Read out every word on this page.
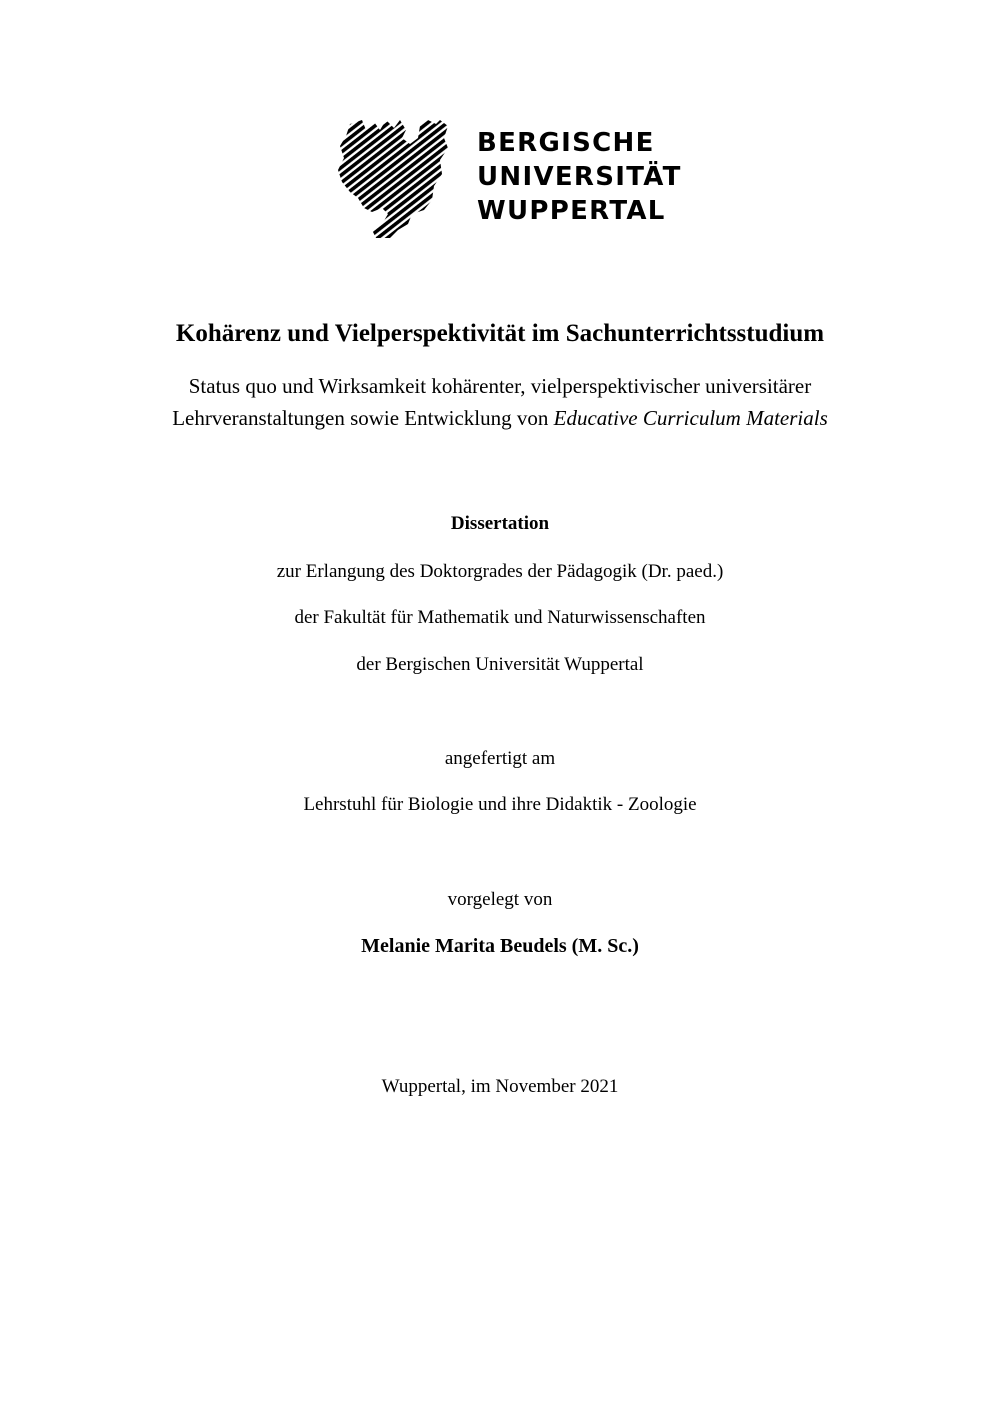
BERGISCHE
UNIVERSITÄT
WUPPERTAL
Kohärenz und Vielperspektivität im Sachunterrichtsstudium
Status quo und Wirksamkeit kohärenter, vielperspektivischer universitärer
Lehrveranstaltungen sowie Entwicklung von Educative Curriculum Materials
Dissertation
zur Erlangung des Doktorgrades der Pädagogik (Dr. paed.)
der Fakultät für Mathematik und Naturwissenschaften
der Bergischen Universität Wuppertal
angefertigt am
Lehrstuhl für Biologie und ihre Didaktik - Zoologie
vorgelegt von
Melanie Marita Beudels (M. Sc.)
Wuppertal, im November 2021
